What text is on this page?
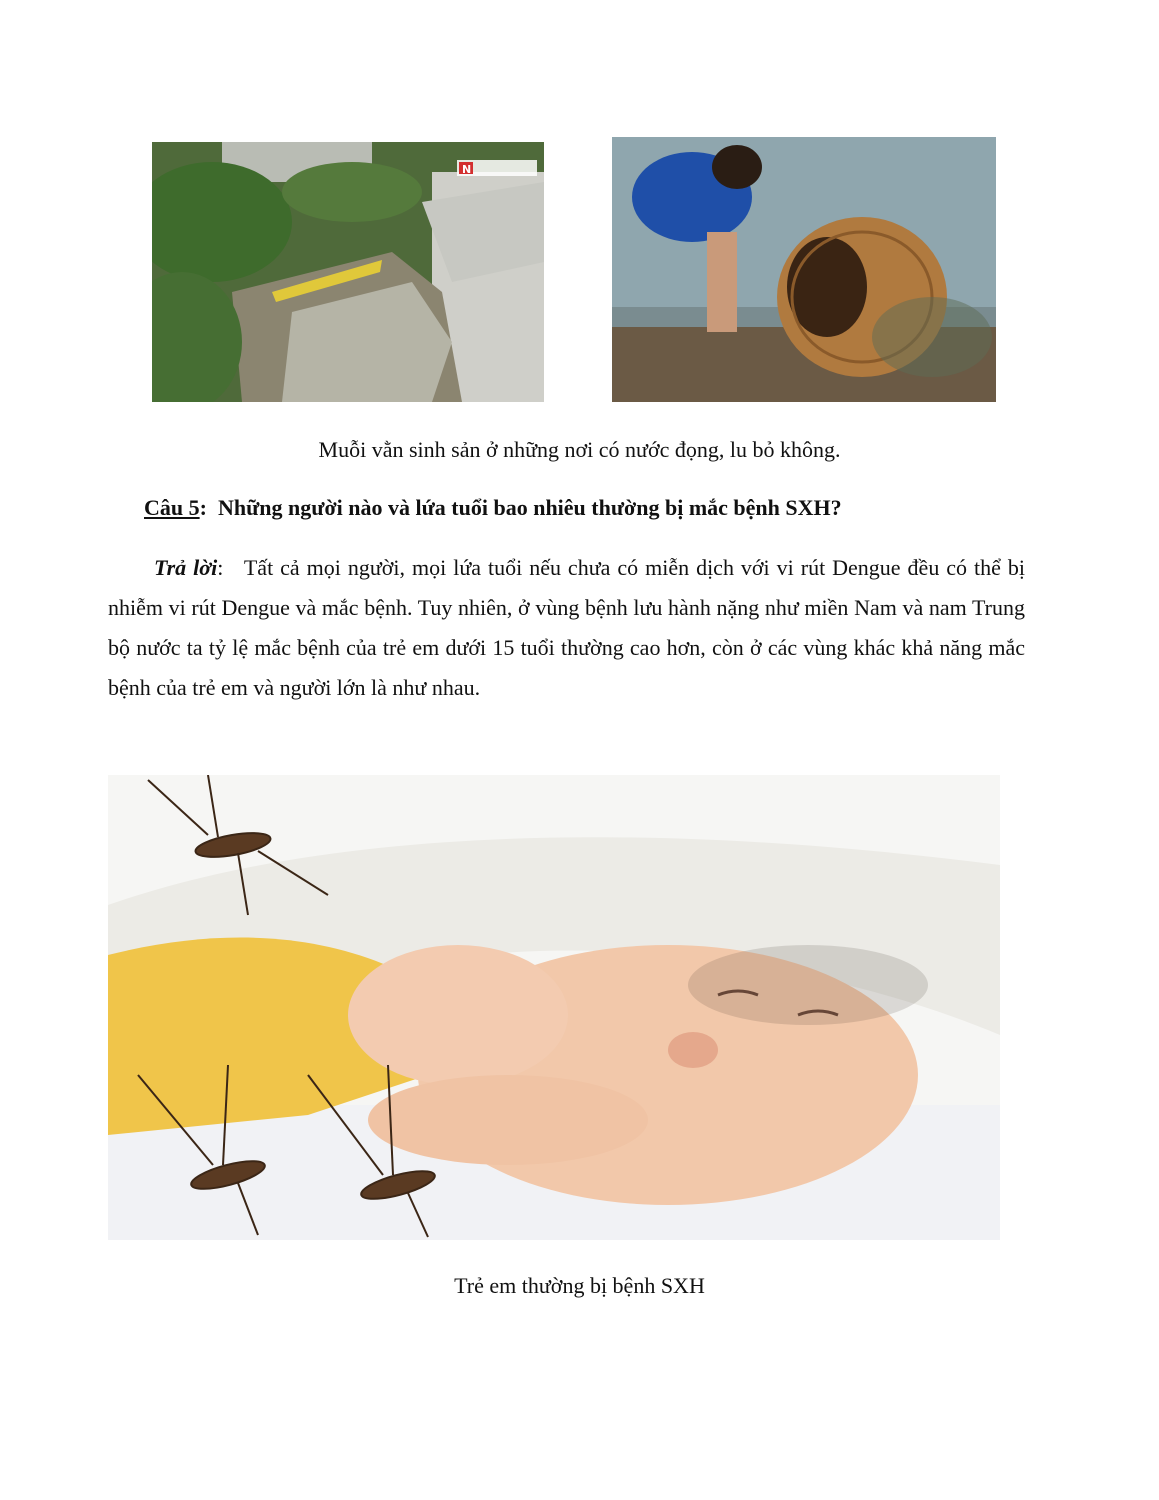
N
Muỗi vằn sinh sản ở những nơi có nước đọng, lu bỏ không.
Câu 5:  Những người nào và lứa tuổi bao nhiêu thường bị mắc bệnh SXH?
Trả lời:   Tất cả mọi người, mọi lứa tuổi nếu chưa có miễn dịch với vi rút Dengue đều có thể bị nhiễm vi rút Dengue và mắc bệnh. Tuy nhiên, ở vùng bệnh lưu hành nặng như miền Nam và nam Trung bộ nước ta tỷ lệ mắc bệnh của trẻ em dưới 15 tuổi thường cao hơn, còn ở các vùng khác khả năng mắc bệnh của trẻ em và người lớn là như nhau.
Trẻ em thường bị bệnh SXH
